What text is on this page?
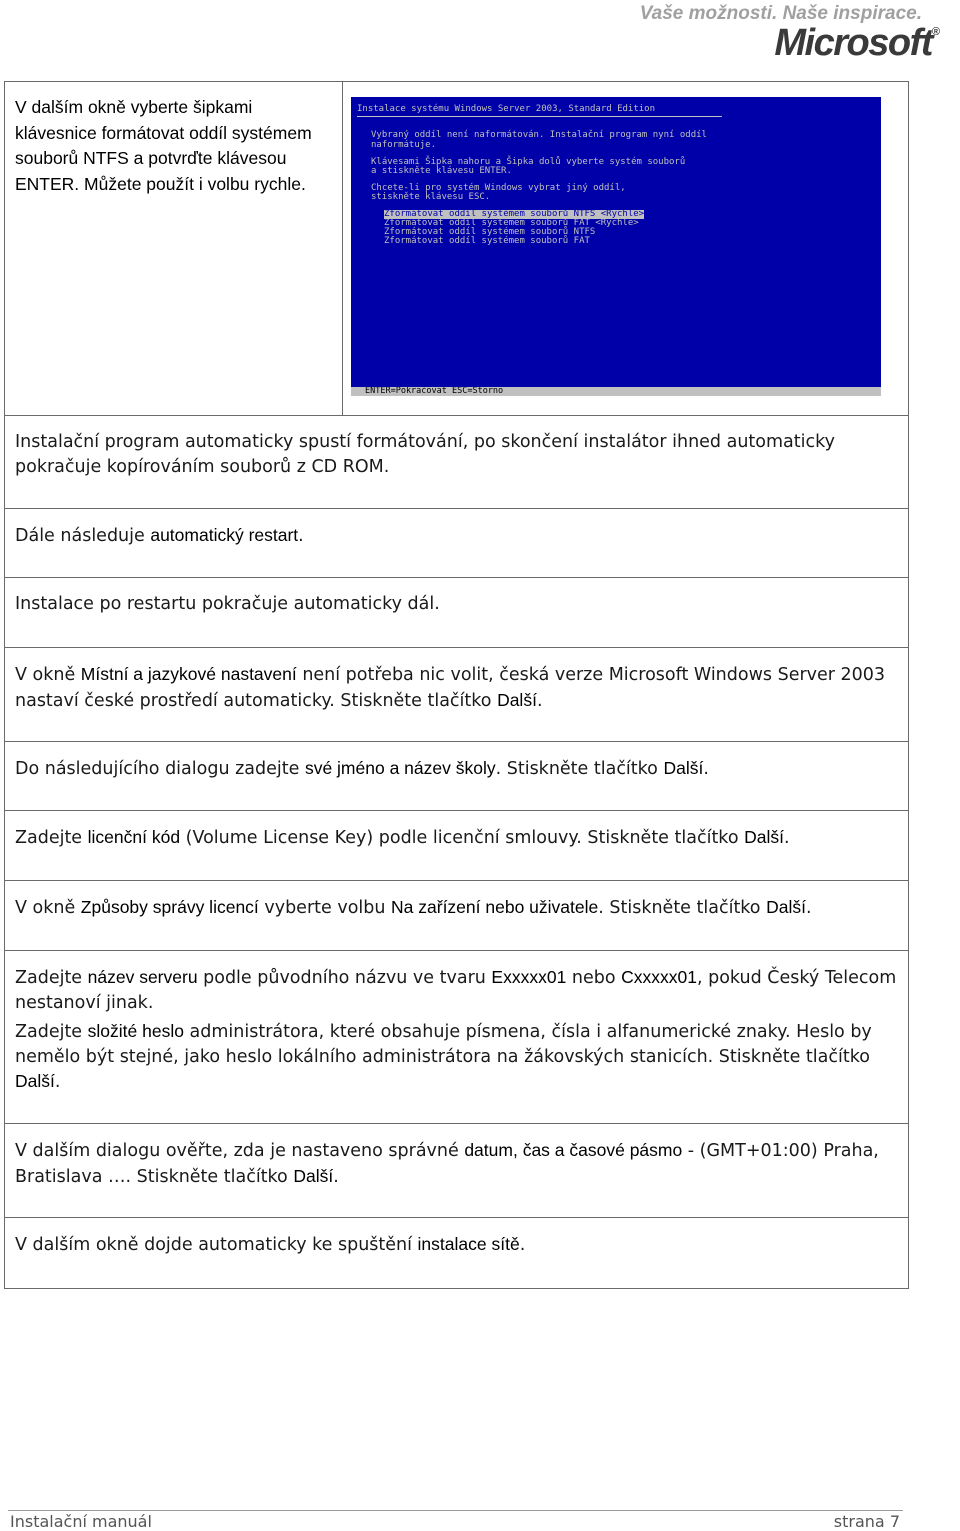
Vaše možnosti. Naše inspirace.
Microsoft®
V dalším okně vyberte šipkami klávesnice formátovat oddíl systémem souborů NTFS a potvrďte klávesou ENTER. Můžete použít i volbu rychle.	
Instalace systému Windows Server 2003, Standard Edition
Vybraný oddíl není naformátován. Instalační program nyní oddíl
naformátuje.
Klávesami Šipka nahoru a Šipka dolů vyberte systém souborů
a stiskněte klávesu ENTER.
Chcete-li pro systém Windows vybrat jiný oddíl,
stiskněte klávesu ESC.
Zformátovat oddíl systémem souborů NTFS <Rychle>
Zformátovat oddíl systémem souborů FAT <Rychle>
Zformátovat oddíl systémem souborů NTFS
Zformátovat oddíl systémem souborů FAT
ENTER=Pokračovat ESC=Storno

Instalační program automaticky spustí formátování, po skončení instalátor ihned automaticky pokračuje kopírováním souborů z CD ROM.
Dále následuje automatický restart.
Instalace po restartu pokračuje automaticky dál.
V okně Místní a jazykové nastavení není potřeba nic volit, česká verze Microsoft Windows Server 2003 nastaví české prostředí automaticky. Stiskněte tlačítko Další.
Do následujícího dialogu zadejte své jméno a název školy. Stiskněte tlačítko Další.
Zadejte licenční kód (Volume License Key) podle licenční smlouvy. Stiskněte tlačítko Další.
V okně Způsoby správy licencí vyberte volbu Na zařízení nebo uživatele. Stiskněte tlačítko Další.

Zadejte název serveru podle původního názvu ve tvaru Exxxxx01 nebo Cxxxxx01, pokud Český Telecom nestanoví jinak.

Zadejte složité heslo administrátora, které obsahuje písmena, čísla i alfanumerické znaky. Heslo by nemělo být stejné, jako heslo lokálního administrátora na žákovských stanicích. Stiskněte tlačítko Další.

V dalším dialogu ověřte, zda je nastaveno správné datum, čas a časové pásmo - (GMT+01:00) Praha, Bratislava …. Stiskněte tlačítko Další.
V dalším okně dojde automaticky ke spuštění instalace sítě.
Instalační manuál	strana 7
